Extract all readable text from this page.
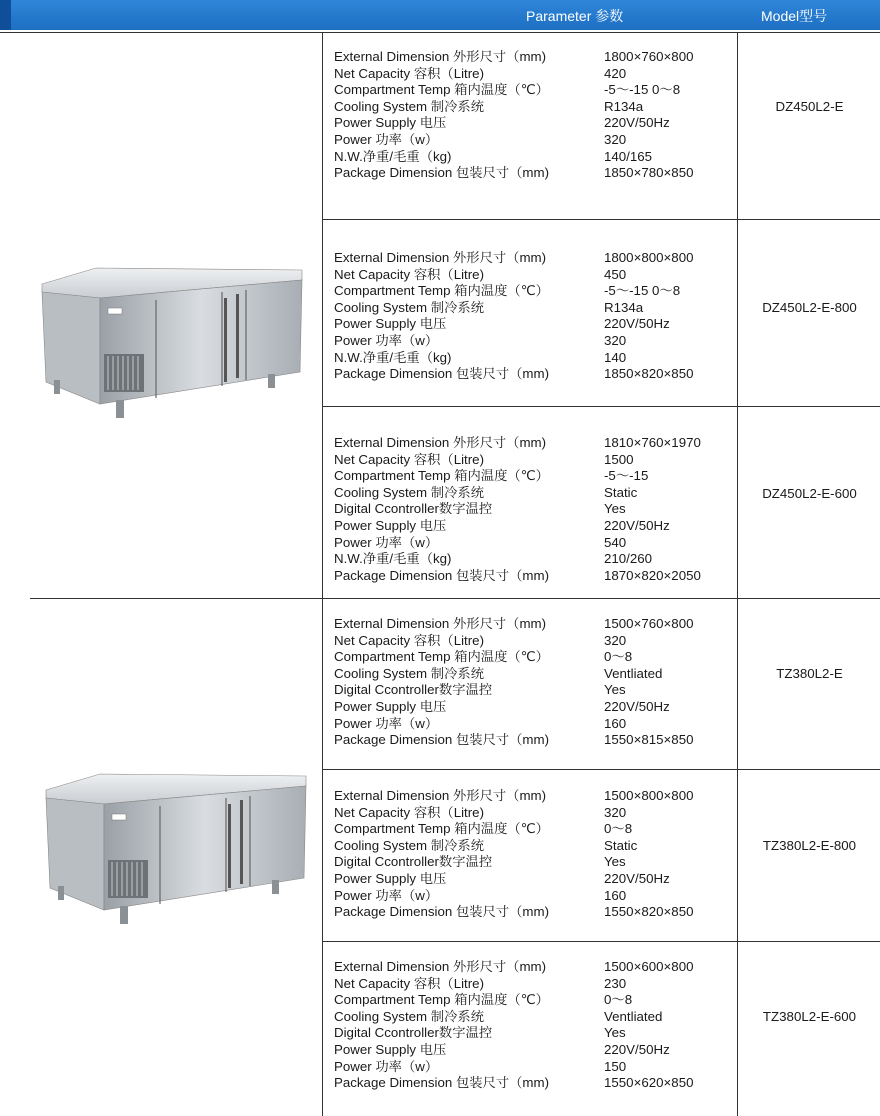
Parameter 参数	Model型号
External Dimension 外形尺寸（mm)	1800×760×800
Net Capacity 容积（Litre)	420
Compartment Temp 箱内温度（℃）	-5～-15 0～8
Cooling System 制冷系统	R134a
Power Supply 电压	220V/50Hz
Power 功率（w）	320
N.W.净重/毛重（kg)	140/165
Package Dimension 包装尺寸（mm)	1850×780×850
DZ450L2-E
External Dimension 外形尺寸（mm)	1800×800×800
Net Capacity 容积（Litre)	450
Compartment Temp 箱内温度（℃）	-5～-15 0～8
Cooling System 制冷系统	R134a
Power Supply 电压	220V/50Hz
Power 功率（w）	320
N.W.净重/毛重（kg)	140
Package Dimension 包装尺寸（mm)	1850×820×850
DZ450L2-E-800
External Dimension 外形尺寸（mm)	1810×760×1970
Net Capacity 容积（Litre)	1500
Compartment Temp 箱内温度（℃）	-5～-15
Cooling System 制冷系统	Static
Digital Ccontroller数字温控	Yes
Power Supply 电压	220V/50Hz
Power 功率（w）	540
N.W.净重/毛重（kg)	210/260
Package Dimension 包装尺寸（mm)	1870×820×2050
DZ450L2-E-600
External Dimension 外形尺寸（mm)	1500×760×800
Net Capacity 容积（Litre)	320
Compartment Temp 箱内温度（℃）	0～8
Cooling System 制冷系统	Ventliated
Digital Ccontroller数字温控	Yes
Power Supply 电压	220V/50Hz
Power 功率（w）	160
Package Dimension 包装尺寸（mm)	1550×815×850
TZ380L2-E
External Dimension 外形尺寸（mm)	1500×800×800
Net Capacity 容积（Litre)	320
Compartment Temp 箱内温度（℃）	0～8
Cooling System 制冷系统	Static
Digital Ccontroller数字温控	Yes
Power Supply 电压	220V/50Hz
Power 功率（w）	160
Package Dimension 包装尺寸（mm)	1550×820×850
TZ380L2-E-800
External Dimension 外形尺寸（mm)	1500×600×800
Net Capacity 容积（Litre)	230
Compartment Temp 箱内温度（℃）	0～8
Cooling System 制冷系统	Ventliated
Digital Ccontroller数字温控	Yes
Power Supply 电压	220V/50Hz
Power 功率（w）	150
Package Dimension 包装尺寸（mm)	1550×620×850
TZ380L2-E-600
